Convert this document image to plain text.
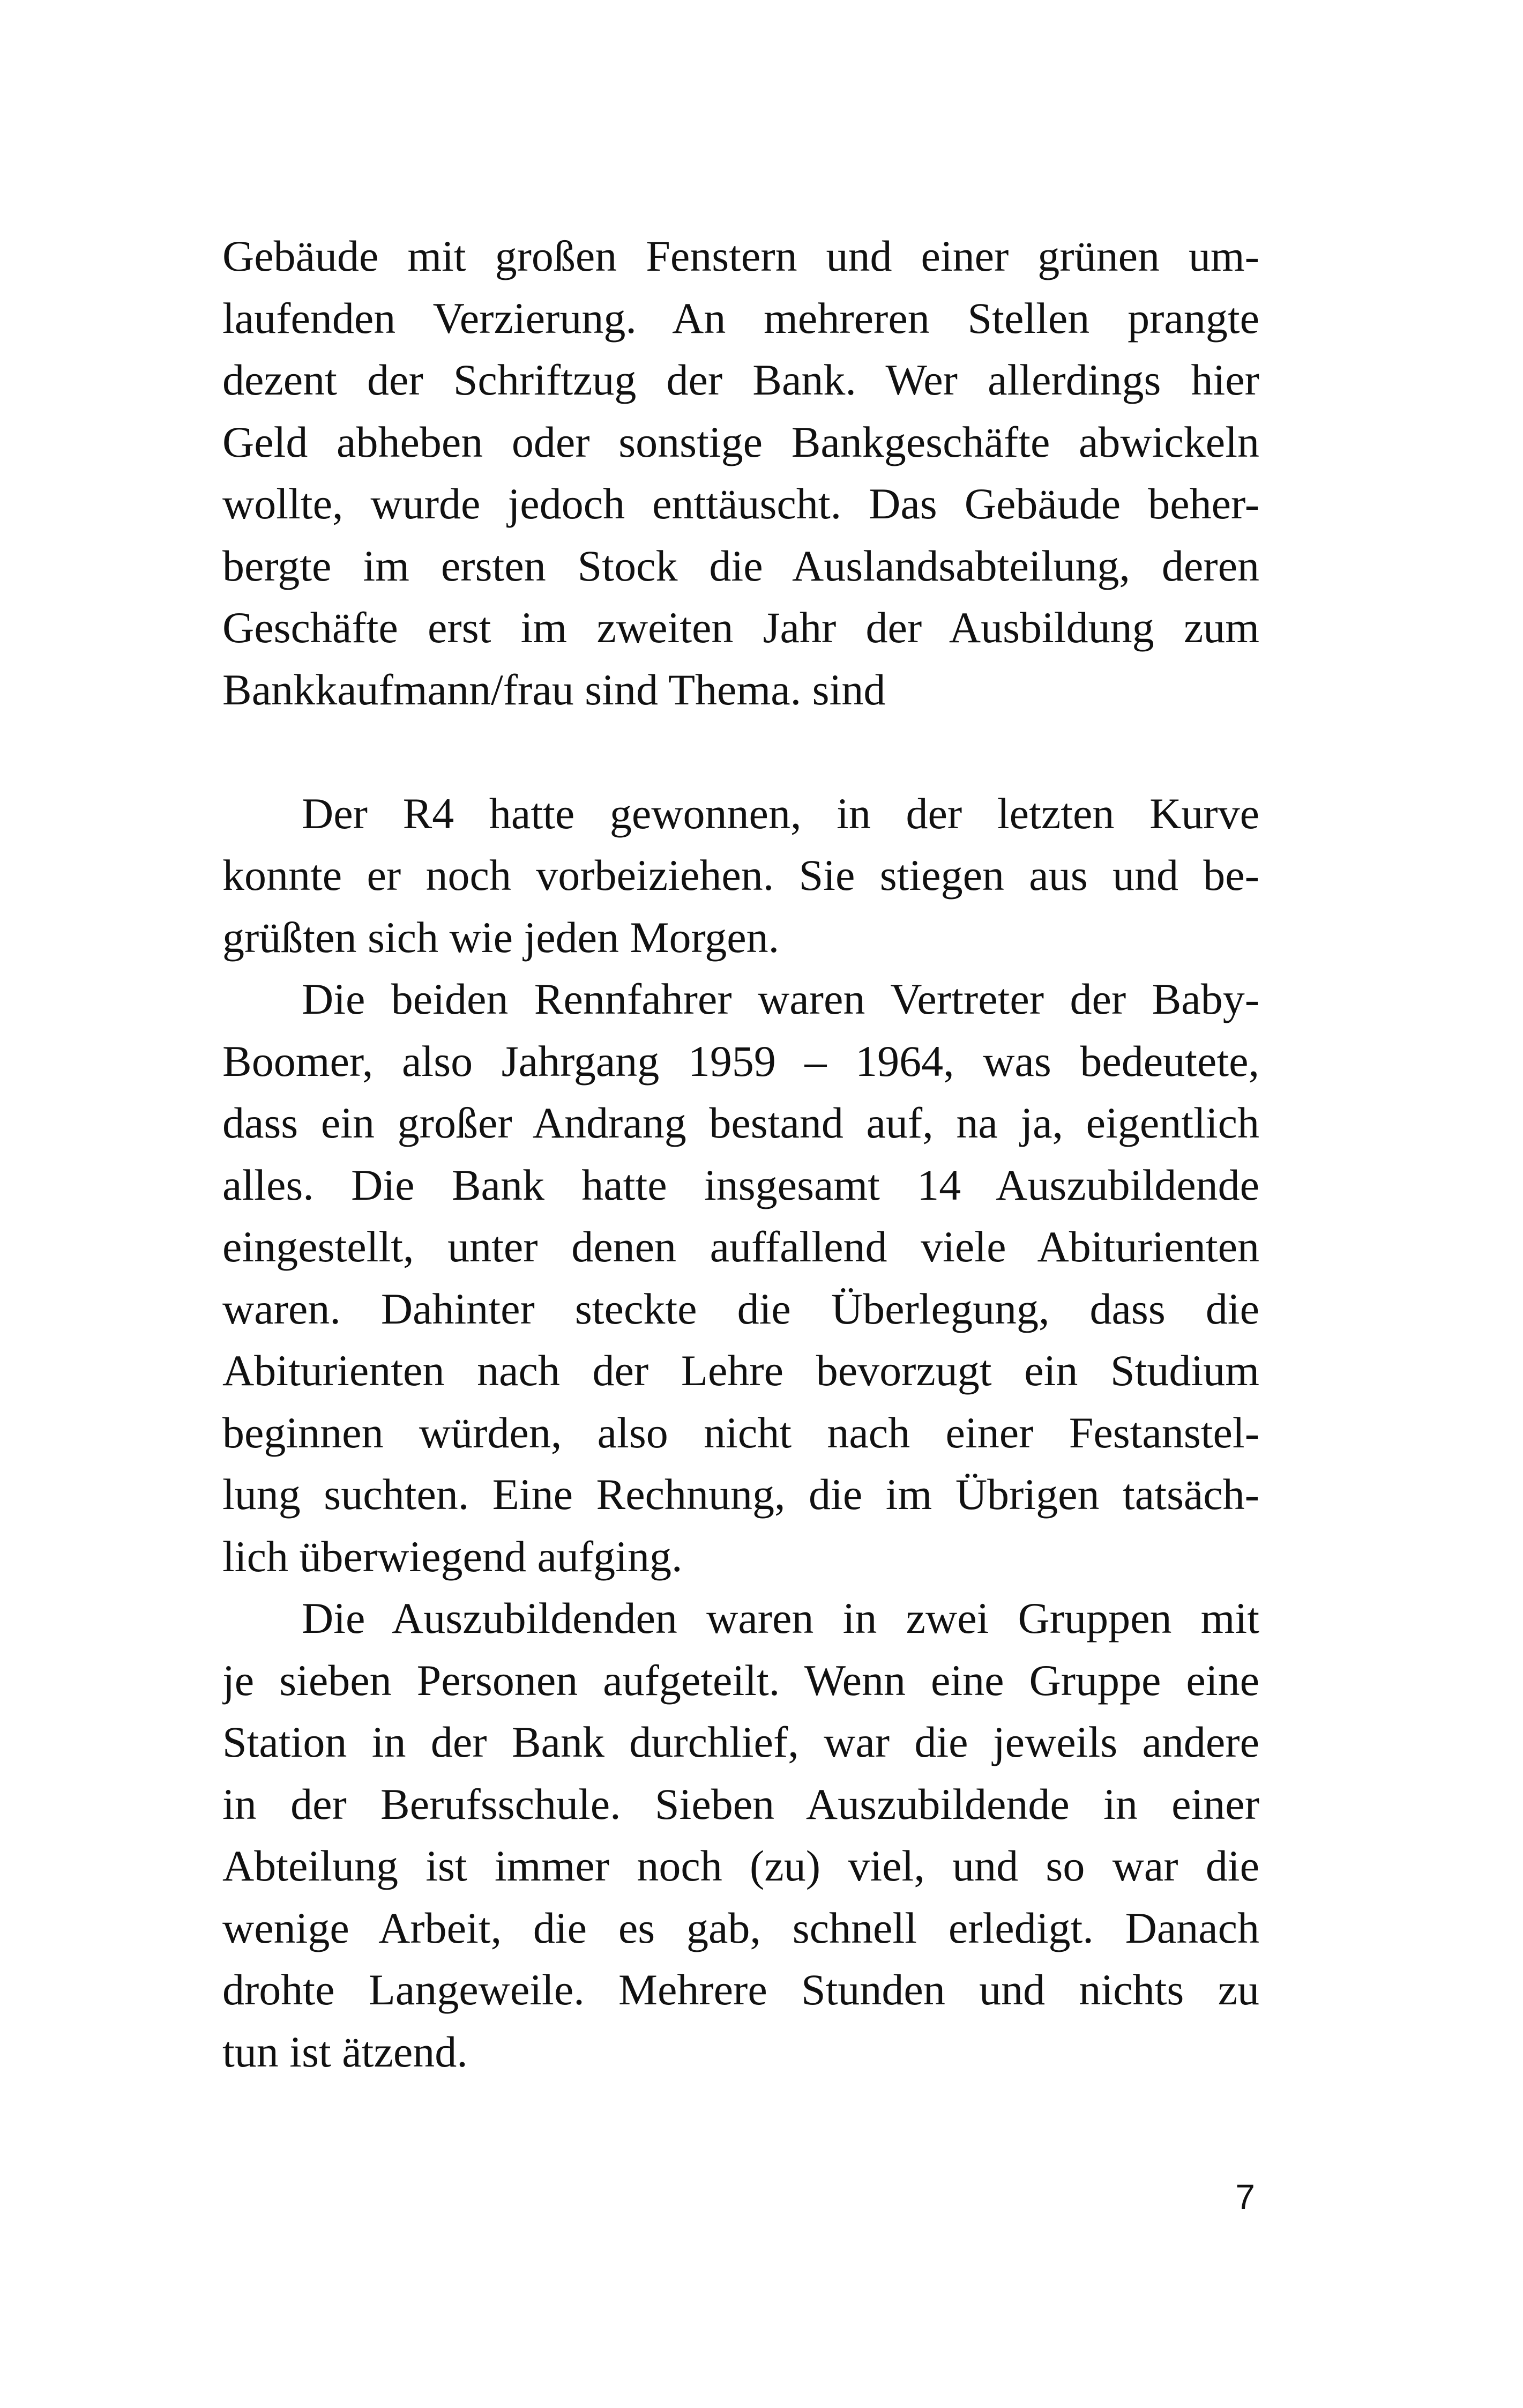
Gebäude mit großen Fenstern und einer grünen um-
laufenden Verzierung. An mehreren Stellen prangte
dezent der Schriftzug der Bank. Wer allerdings hier
Geld abheben oder sonstige Bankgeschäfte abwickeln
wollte, wurde jedoch enttäuscht. Das Gebäude beher-
bergte im ersten Stock die Auslandsabteilung, deren
Geschäfte erst im zweiten Jahr der Ausbildung zum
Bankkaufmann/frau sind Thema. sind

Der R4 hatte gewonnen, in der letzten Kurve
konnte er noch vorbeiziehen. Sie stiegen aus und be-
grüßten sich wie jeden Morgen.

Die beiden Rennfahrer waren Vertreter der Baby-
Boomer, also Jahrgang 1959 – 1964, was bedeutete,
dass ein großer Andrang bestand auf, na ja, eigentlich
alles. Die Bank hatte insgesamt 14 Auszubildende
eingestellt, unter denen auffallend viele Abiturienten
waren. Dahinter steckte die Überlegung, dass die
Abiturienten nach der Lehre bevorzugt ein Studium
beginnen würden, also nicht nach einer Festanstel-
lung suchten. Eine Rechnung, die im Übrigen tatsäch-
lich überwiegend aufging.

Die Auszubildenden waren in zwei Gruppen mit
je sieben Personen aufgeteilt. Wenn eine Gruppe eine
Station in der Bank durchlief, war die jeweils andere
in der Berufsschule. Sieben Auszubildende in einer
Abteilung ist immer noch (zu) viel, und so war die
wenige Arbeit, die es gab, schnell erledigt. Danach
drohte Langeweile. Mehrere Stunden und nichts zu
tun ist ätzend.

7
